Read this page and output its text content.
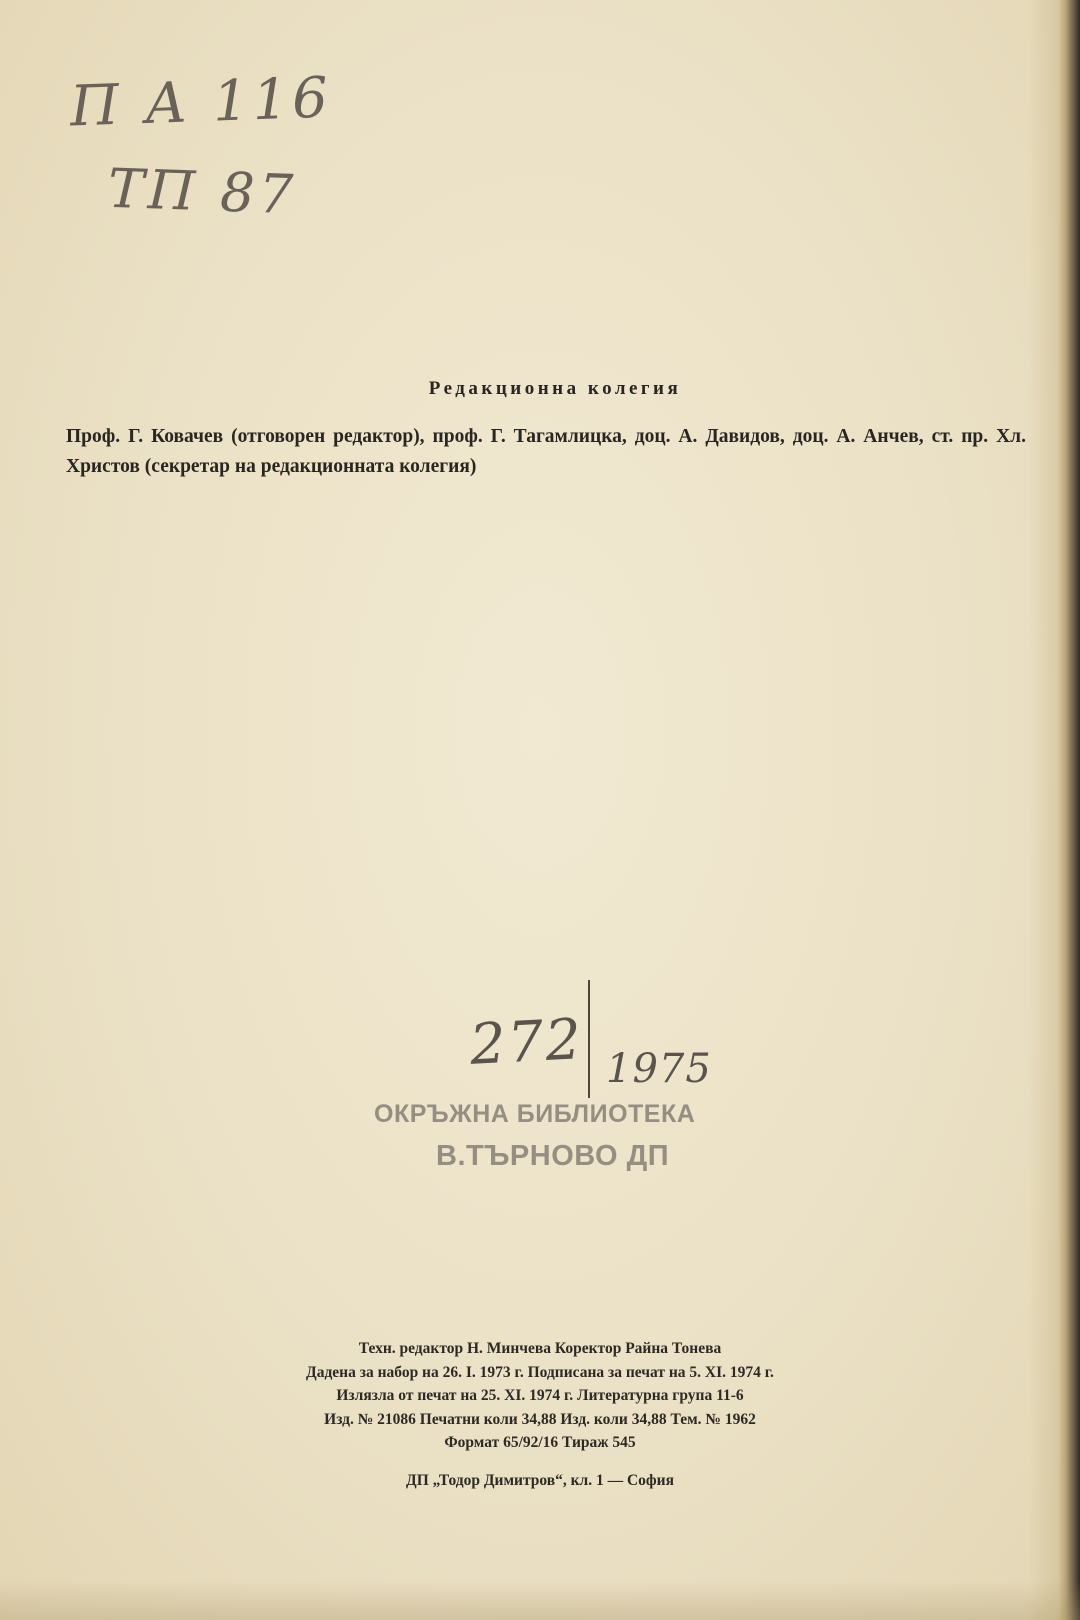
П А 116
ТП 87

Редакционна колегия

Проф. Г. Ковачев (отговорен редактор), проф. Г. Тагамлицка, доц. А. Давидов, доц. А. Анчев, ст. пр. Хл. Христов (секретар на редакционната колегия)

272 1975
ОКРЪЖНА БИБЛИОТЕКА
В.ТЪРНОВО ДП

Техн. редактор Н. Минчева Коректор Райна Тонева

Дадена за набор на 26. I. 1973 г. Подписана за печат на 5. XI. 1974 г.

Излязла от печат на 25. XI. 1974 г. Литературна група 11-6

Изд. № 21086 Печатни коли 34,88 Изд. коли 34,88 Тем. № 1962

Формат 65/92/16 Тираж 545

ДП „Тодор Димитров“, кл. 1 — София
